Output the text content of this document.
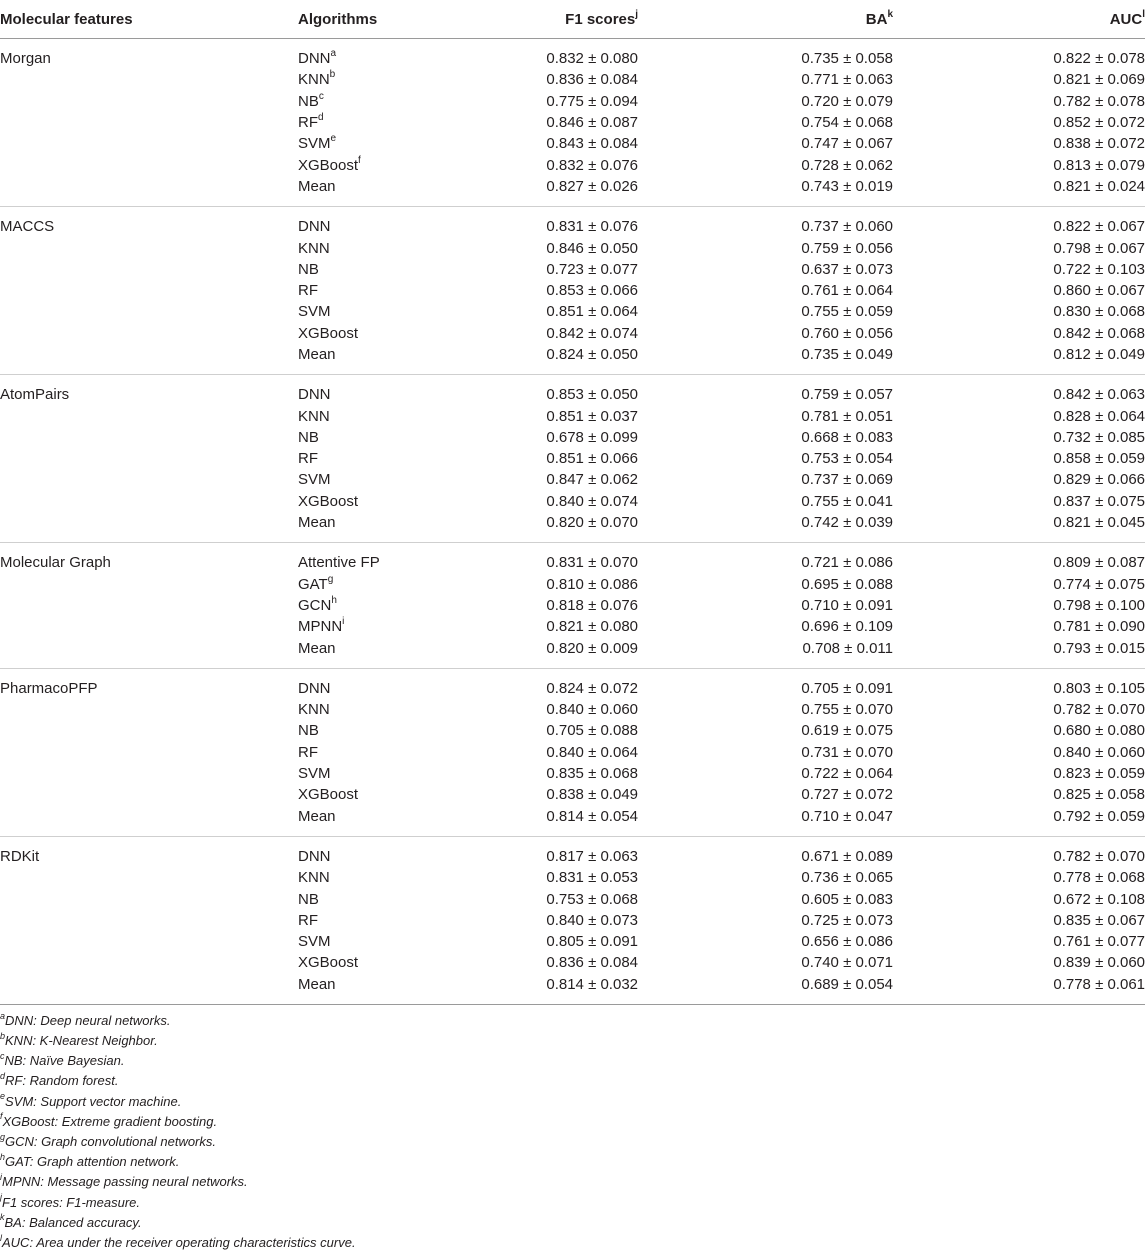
Molecular features	Algorithms	F1 scores$^j$	$BA^k$	AUC$^l$
Morgan	DNN$^a$	0.832 ± 0.080	0.735 ± 0.058	0.822 ± 0.078
	KNN$^b$	0.836 ± 0.084	0.771 ± 0.063	0.821 ± 0.069
	$NB^c$	0.775 ± 0.094	0.720 ± 0.079	0.782 ± 0.078
	$RF^d$	0.846 ± 0.087	0.754 ± 0.068	0.852 ± 0.072
	SVM$^e$	0.843 ± 0.084	0.747 ± 0.067	0.838 ± 0.072
	XGBoost$^f$	0.832 ± 0.076	0.728 ± 0.062	0.813 ± 0.079
	Mean	0.827 ± 0.026	0.743 ± 0.019	0.821 ± 0.024
MACCS	DNN	0.831 ± 0.076	0.737 ± 0.060	0.822 ± 0.067
	KNN	0.846 ± 0.050	0.759 ± 0.056	0.798 ± 0.067
	NB	0.723 ± 0.077	0.637 ± 0.073	0.722 ± 0.103
	RF	0.853 ± 0.066	0.761 ± 0.064	0.860 ± 0.067
	SVM	0.851 ± 0.064	0.755 ± 0.059	0.830 ± 0.068
	XGBoost	0.842 ± 0.074	0.760 ± 0.056	0.842 ± 0.068
	Mean	0.824 ± 0.050	0.735 ± 0.049	0.812 ± 0.049
AtomPairs	DNN	0.853 ± 0.050	0.759 ± 0.057	0.842 ± 0.063
	KNN	0.851 ± 0.037	0.781 ± 0.051	0.828 ± 0.064
	NB	0.678 ± 0.099	0.668 ± 0.083	0.732 ± 0.085
	RF	0.851 ± 0.066	0.753 ± 0.054	0.858 ± 0.059
	SVM	0.847 ± 0.062	0.737 ± 0.069	0.829 ± 0.066
	XGBoost	0.840 ± 0.074	0.755 ± 0.041	0.837 ± 0.075
	Mean	0.820 ± 0.070	0.742 ± 0.039	0.821 ± 0.045
Molecular Graph	Attentive FP	0.831 ± 0.070	0.721 ± 0.086	0.809 ± 0.087
	GAT$^g$	0.810 ± 0.086	0.695 ± 0.088	0.774 ± 0.075
	GCN$^h$	0.818 ± 0.076	0.710 ± 0.091	0.798 ± 0.100
	MPNN$^i$	0.821 ± 0.080	0.696 ± 0.109	0.781 ± 0.090
	Mean	0.820 ± 0.009	0.708 ± 0.011	0.793 ± 0.015
PharmacoPFP	DNN	0.824 ± 0.072	0.705 ± 0.091	0.803 ± 0.105
	KNN	0.840 ± 0.060	0.755 ± 0.070	0.782 ± 0.070
	NB	0.705 ± 0.088	0.619 ± 0.075	0.680 ± 0.080
	RF	0.840 ± 0.064	0.731 ± 0.070	0.840 ± 0.060
	SVM	0.835 ± 0.068	0.722 ± 0.064	0.823 ± 0.059
	XGBoost	0.838 ± 0.049	0.727 ± 0.072	0.825 ± 0.058
	Mean	0.814 ± 0.054	0.710 ± 0.047	0.792 ± 0.059
RDKit	DNN	0.817 ± 0.063	0.671 ± 0.089	0.782 ± 0.070
	KNN	0.831 ± 0.053	0.736 ± 0.065	0.778 ± 0.068
	NB	0.753 ± 0.068	0.605 ± 0.083	0.672 ± 0.108
	RF	0.840 ± 0.073	0.725 ± 0.073	0.835 ± 0.067
	SVM	0.805 ± 0.091	0.656 ± 0.086	0.761 ± 0.077
	XGBoost	0.836 ± 0.084	0.740 ± 0.071	0.839 ± 0.060
	Mean	0.814 ± 0.032	0.689 ± 0.054	0.778 ± 0.061
$^a$DNN: Deep neural networks.
$^b$KNN: K-Nearest Neighbor.
$^c$NB: Naïve Bayesian.
$^d$RF: Random forest.
$^e$SVM: Support vector machine.
$^f$XGBoost: Extreme gradient boosting.
$^g$GCN: Graph convolutional networks.
$^h$GAT: Graph attention network.
$^i$MPNN: Message passing neural networks.
$^j$F1 scores: F1-measure.
$^k$BA: Balanced accuracy.
$^l$AUC: Area under the receiver operating characteristics curve.
